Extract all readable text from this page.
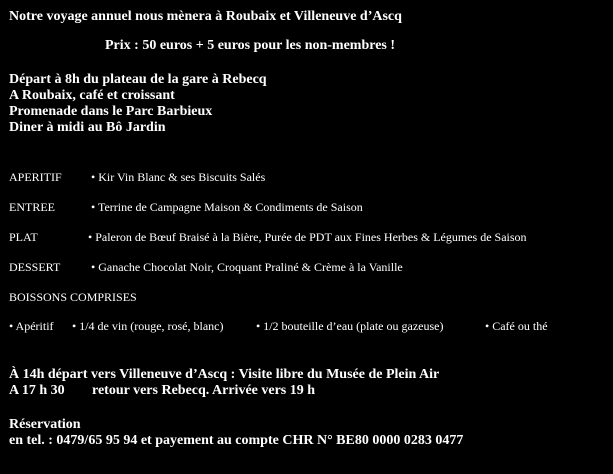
Notre voyage annuel nous mènera à Roubaix et Villeneuve d’Ascq
Prix : 50 euros + 5 euros pour les non-membres !
Départ à 8h du plateau de la gare à Rebecq
A Roubaix, café et croissant
Promenade dans le Parc Barbieux
Diner à midi au Bô Jardin
APERITIF • Kir Vin Blanc & ses Biscuits Salés
ENTREE	• Terrine de Campagne Maison & Condiments de Saison
PLAT	• Paleron de Bœuf Braisé à la Bière, Purée de PDT aux Fines Herbes & Légumes de Saison
DESSERT	• Ganache Chocolat Noir, Croquant Praliné & Crème à la Vanille
BOISSONS COMPRISES
• Apéritif • 1/4 de vin (rouge, rosé, blanc)	• 1/2 bouteille d’eau (plate ou gazeuse)	• Café ou thé
À 14h départ vers Villeneuve d’Ascq : Visite libre du Musée de Plein Air
A 17 h 30 retour vers Rebecq. Arrivée vers 19 h
Réservation
en tel. : 0479/65 95 94 et payement au compte CHR N° BE80 0000 0283 0477
